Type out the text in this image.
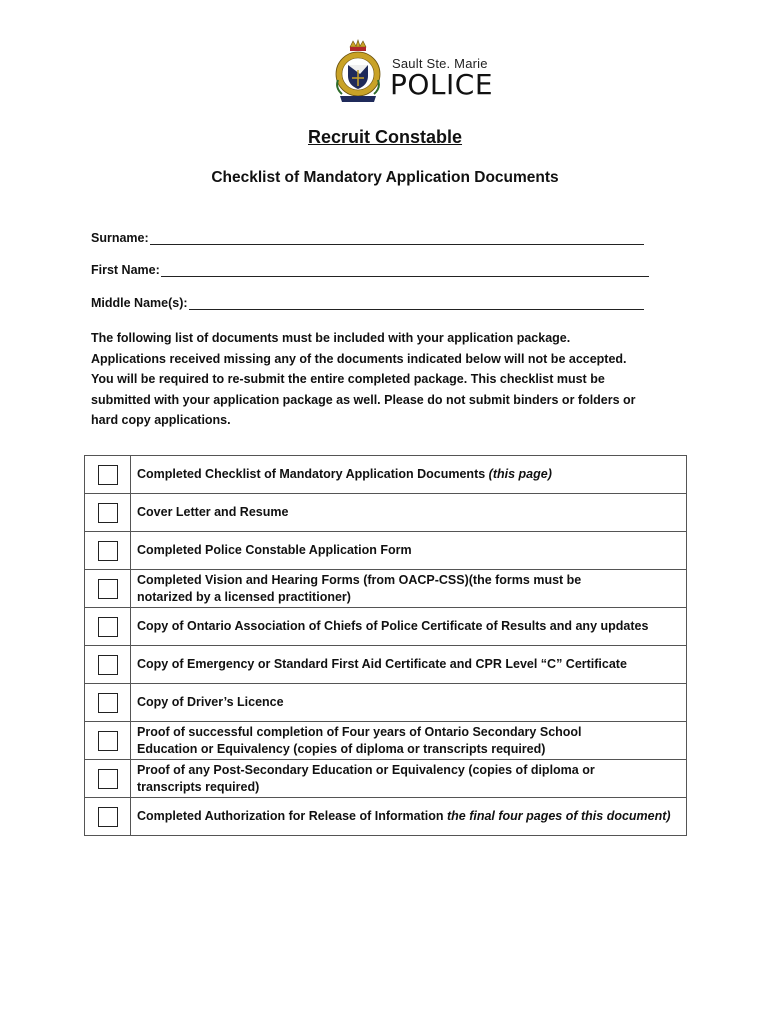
Sault Ste. Marie
POLICE
Recruit Constable
Checklist of Mandatory Application Documents
Surname:
First Name:
Middle Name(s):

The following list of documents must be included with your application package.

Applications received missing any of the documents indicated below will not be accepted.

You will be required to re-submit the entire completed package. This checklist must be

submitted with your application package as well. Please do not submit binders or folders or

hard copy applications.

	Completed Checklist of Mandatory Application Documents (this page)

	Cover Letter and Resume

	Completed Police Constable Application Form

	Completed Vision and Hearing Forms (from OACP-CSS)(the forms must be
notarized by a licensed practitioner)

	Copy of Ontario Association of Chiefs of Police Certificate of Results and any updates

	Copy of Emergency or Standard First Aid Certificate and CPR Level “C” Certificate

	Copy of Driver’s Licence

	Proof of successful completion of Four years of Ontario Secondary School
Education or Equivalency (copies of diploma or transcripts required)

	Proof of any Post-Secondary Education or Equivalency (copies of diploma or
transcripts required)

	Completed Authorization for Release of Information the final four pages of this document)
